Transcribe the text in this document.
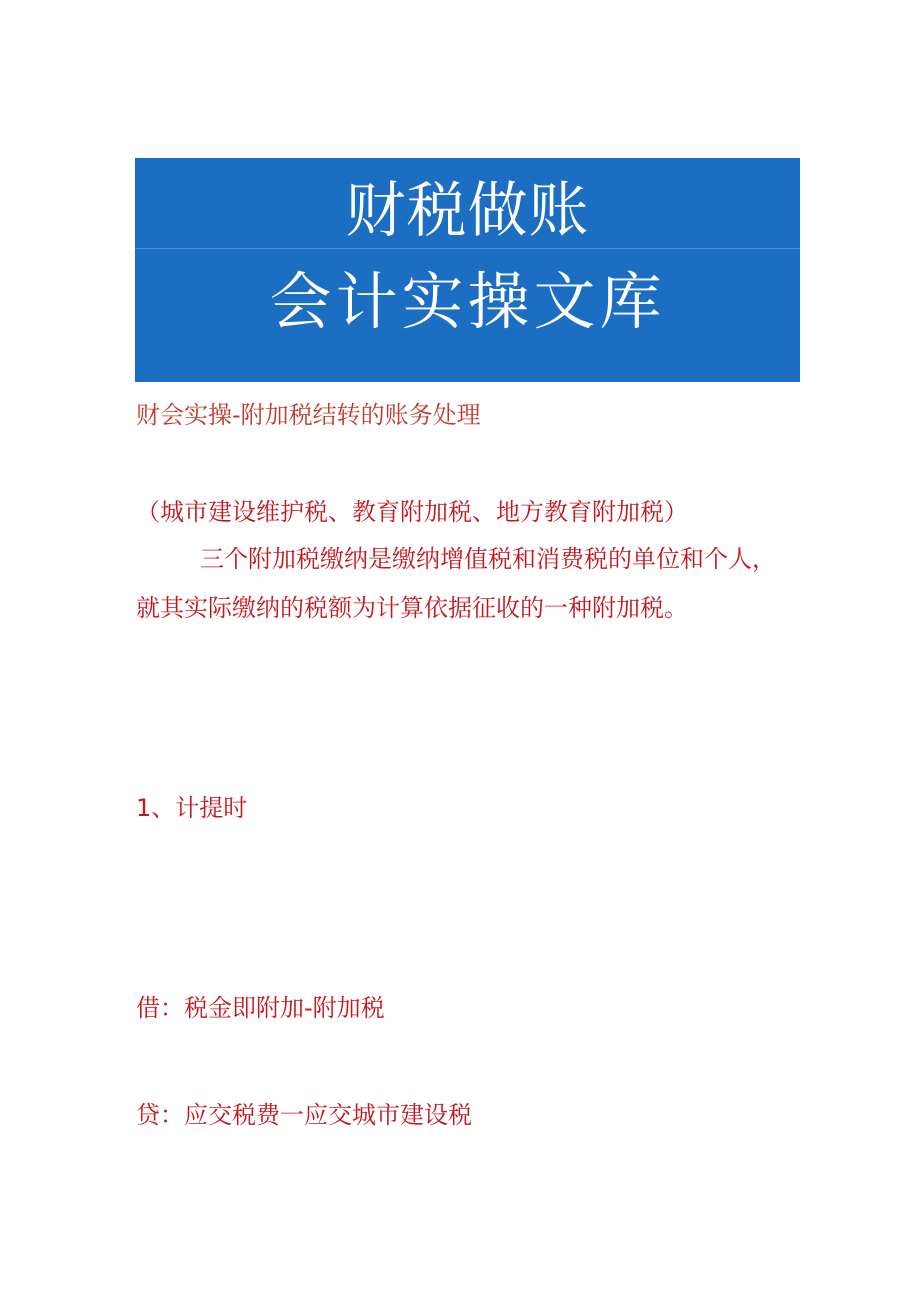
财税做账
会计实操文库
财会实操-附加税结转的账务处理
（城市建设维护税、教育附加税、地方教育附加税）
三个附加税缴纳是缴纳增值税和消费税的单位和个人，
就其实际缴纳的税额为计算依据征收的一种附加税。
1、计提时
借：税金即附加-附加税
贷：应交税费一应交城市建设税
